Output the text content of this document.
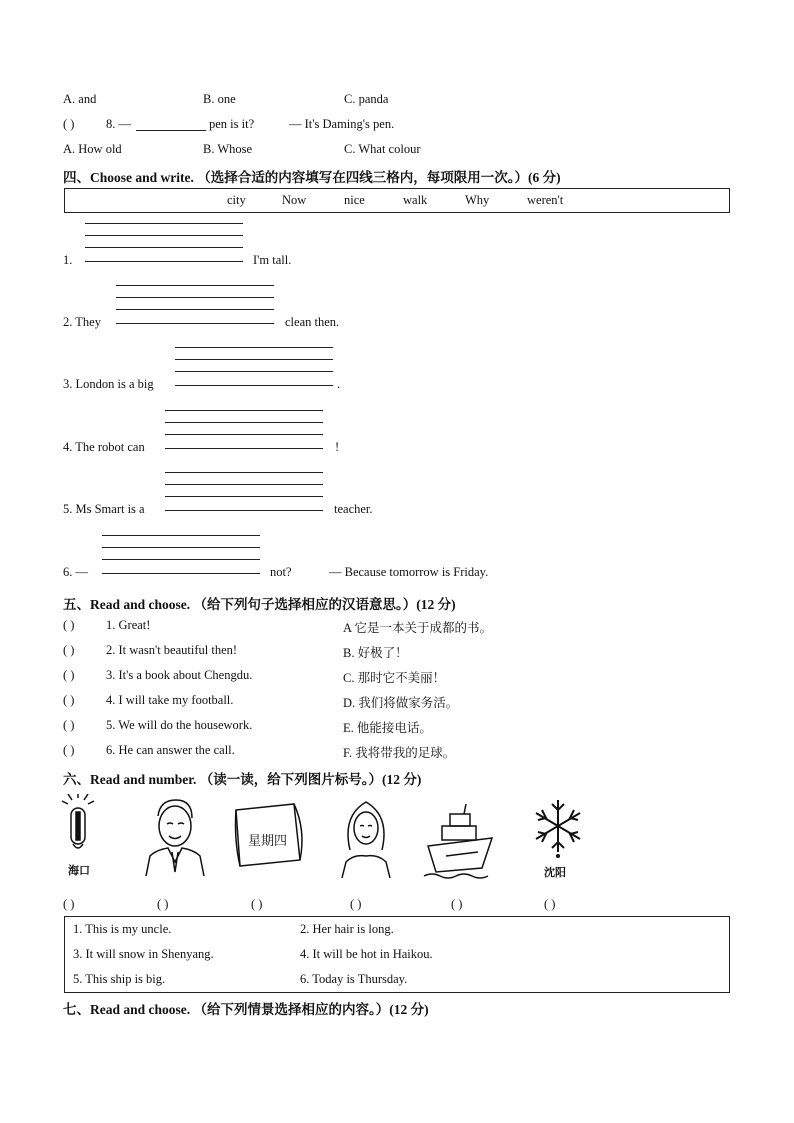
A. and	B. one	C. panda
( )	8. —	pen is it?	— It's Daming's pen.
A. How old	B. Whose	C. What colour
四、Choose and write. （选择合适的内容填写在四线三格内，每项限用一次。）(6 分)
city	Now	nice	walk	Why	weren't
1.	I'm tall.
2. They	clean then.
3. London is a big	.
4. The robot can	!
5. Ms Smart is a	teacher.
6. —	not?	— Because tomorrow is Friday.
五、Read and choose. （给下列句子选择相应的汉语意思。）(12 分)
( )	1. Great!	A 它是一本关于成都的书。
( )	2. It wasn't beautiful then!	B. 好极了！
( )	3. It's a book about Chengdu.	C. 那时它不美丽！
( )	4. I will take my football.	D. 我们将做家务活。
( )	5. We will do the housework.	E. 他能接电话。
( )	6. He can answer the call.	F. 我将带我的足球。
六、Read and number. （读一读，给下列图片标号。）(12 分)
海口
星期四
沈阳
( )	( )	( )	( )	( )	( )
1. This is my uncle.	2. Her hair is long.
3. It will snow in Shenyang.	4. It will be hot in Haikou.
5. This ship is big.	6. Today is Thursday.
七、Read and choose. （给下列情景选择相应的内容。）(12 分)
